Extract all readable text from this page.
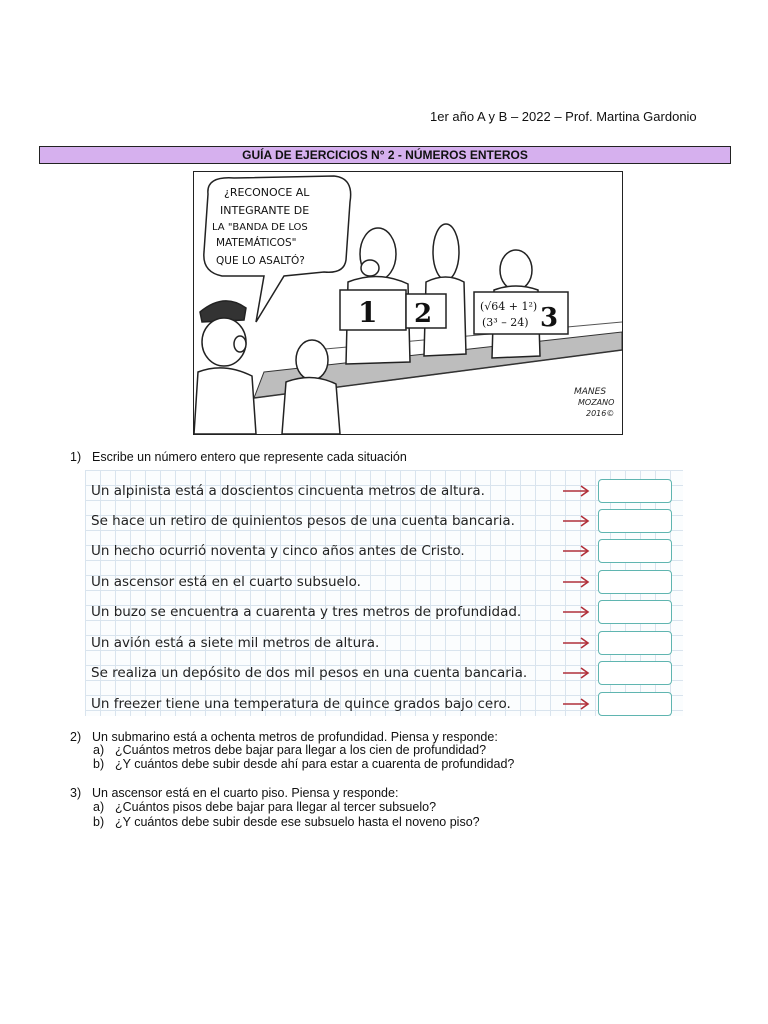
1er año A y B – 2022 – Prof. Martina Gardonio
GUÍA DE EJERCICIOS N° 2 - NÚMEROS ENTEROS
¿RECONOCE AL
INTEGRANTE DE
LA "BANDA DE LOS
MATEMÁTICOS"
QUE LO ASALTÓ?
1 2	(√64 + 1²)
(3³ – 24) 3
MANES
MOZANO
2016©
1) Escribe un número entero que represente cada situación
Un alpinista está a doscientos cincuenta metros de altura.
Se hace un retiro de quinientos pesos de una cuenta bancaria.
Un hecho ocurrió noventa y cinco años antes de Cristo.
Un ascensor está en el cuarto subsuelo.
Un buzo se encuentra a cuarenta y tres metros de profundidad.
Un avión está a siete mil metros de altura.
Se realiza un depósito de dos mil pesos en una cuenta bancaria.
Un freezer tiene una temperatura de quince grados bajo cero.
2) Un submarino está a ochenta metros de profundidad. Piensa y responde:
a) ¿Cuántos metros debe bajar para llegar a los cien de profundidad?
b) ¿Y cuántos debe subir desde ahí para estar a cuarenta de profundidad?
3) Un ascensor está en el cuarto piso. Piensa y responde:
a) ¿Cuántos pisos debe bajar para llegar al tercer subsuelo?
b) ¿Y cuántos debe subir desde ese subsuelo hasta el noveno piso?
